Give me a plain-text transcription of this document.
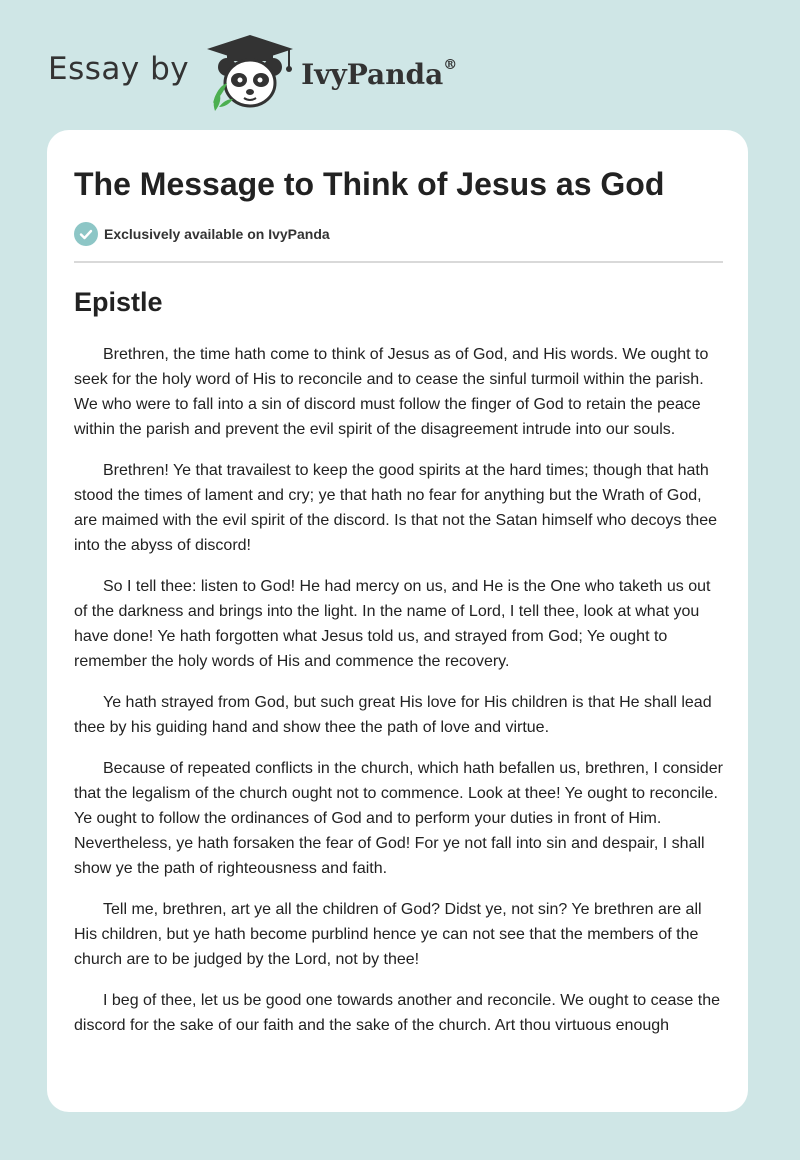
Essay by	IvyPanda®
The Message to Think of Jesus as God
Exclusively available on IvyPanda
Epistle

Brethren, the time hath come to think of Jesus as of God, and His words. We ought to seek for the holy word of His to reconcile and to cease the sinful turmoil within the parish. We who were to fall into a sin of discord must follow the finger of God to retain the peace within the parish and prevent the evil spirit of the disagreement intrude into our souls.

Brethren! Ye that travailest to keep the good spirits at the hard times; though that hath stood the times of lament and cry; ye that hath no fear for anything but the Wrath of God, are maimed with the evil spirit of the discord. Is that not the Satan himself who decoys thee into the abyss of discord!

So I tell thee: listen to God! He had mercy on us, and He is the One who taketh us out of the darkness and brings into the light. In the name of Lord, I tell thee, look at what you have done! Ye hath forgotten what Jesus told us, and strayed from God; Ye ought to remember the holy words of His and commence the recovery.

Ye hath strayed from God, but such great His love for His children is that He shall lead thee by his guiding hand and show thee the path of love and virtue.

Because of repeated conflicts in the church, which hath befallen us, brethren, I consider that the legalism of the church ought not to commence. Look at thee! Ye ought to reconcile. Ye ought to follow the ordinances of God and to perform your duties in front of Him. Nevertheless, ye hath forsaken the fear of God! For ye not fall into sin and despair, I shall show ye the path of righteousness and faith.

Tell me, brethren, art ye all the children of God? Didst ye, not sin? Ye brethren are all His children, but ye hath become purblind hence ye can not see that the members of the church are to be judged by the Lord, not by thee!

I beg of thee, let us be good one towards another and reconcile. We ought to cease the discord for the sake of our faith and the sake of the church. Art thou virtuous enough
